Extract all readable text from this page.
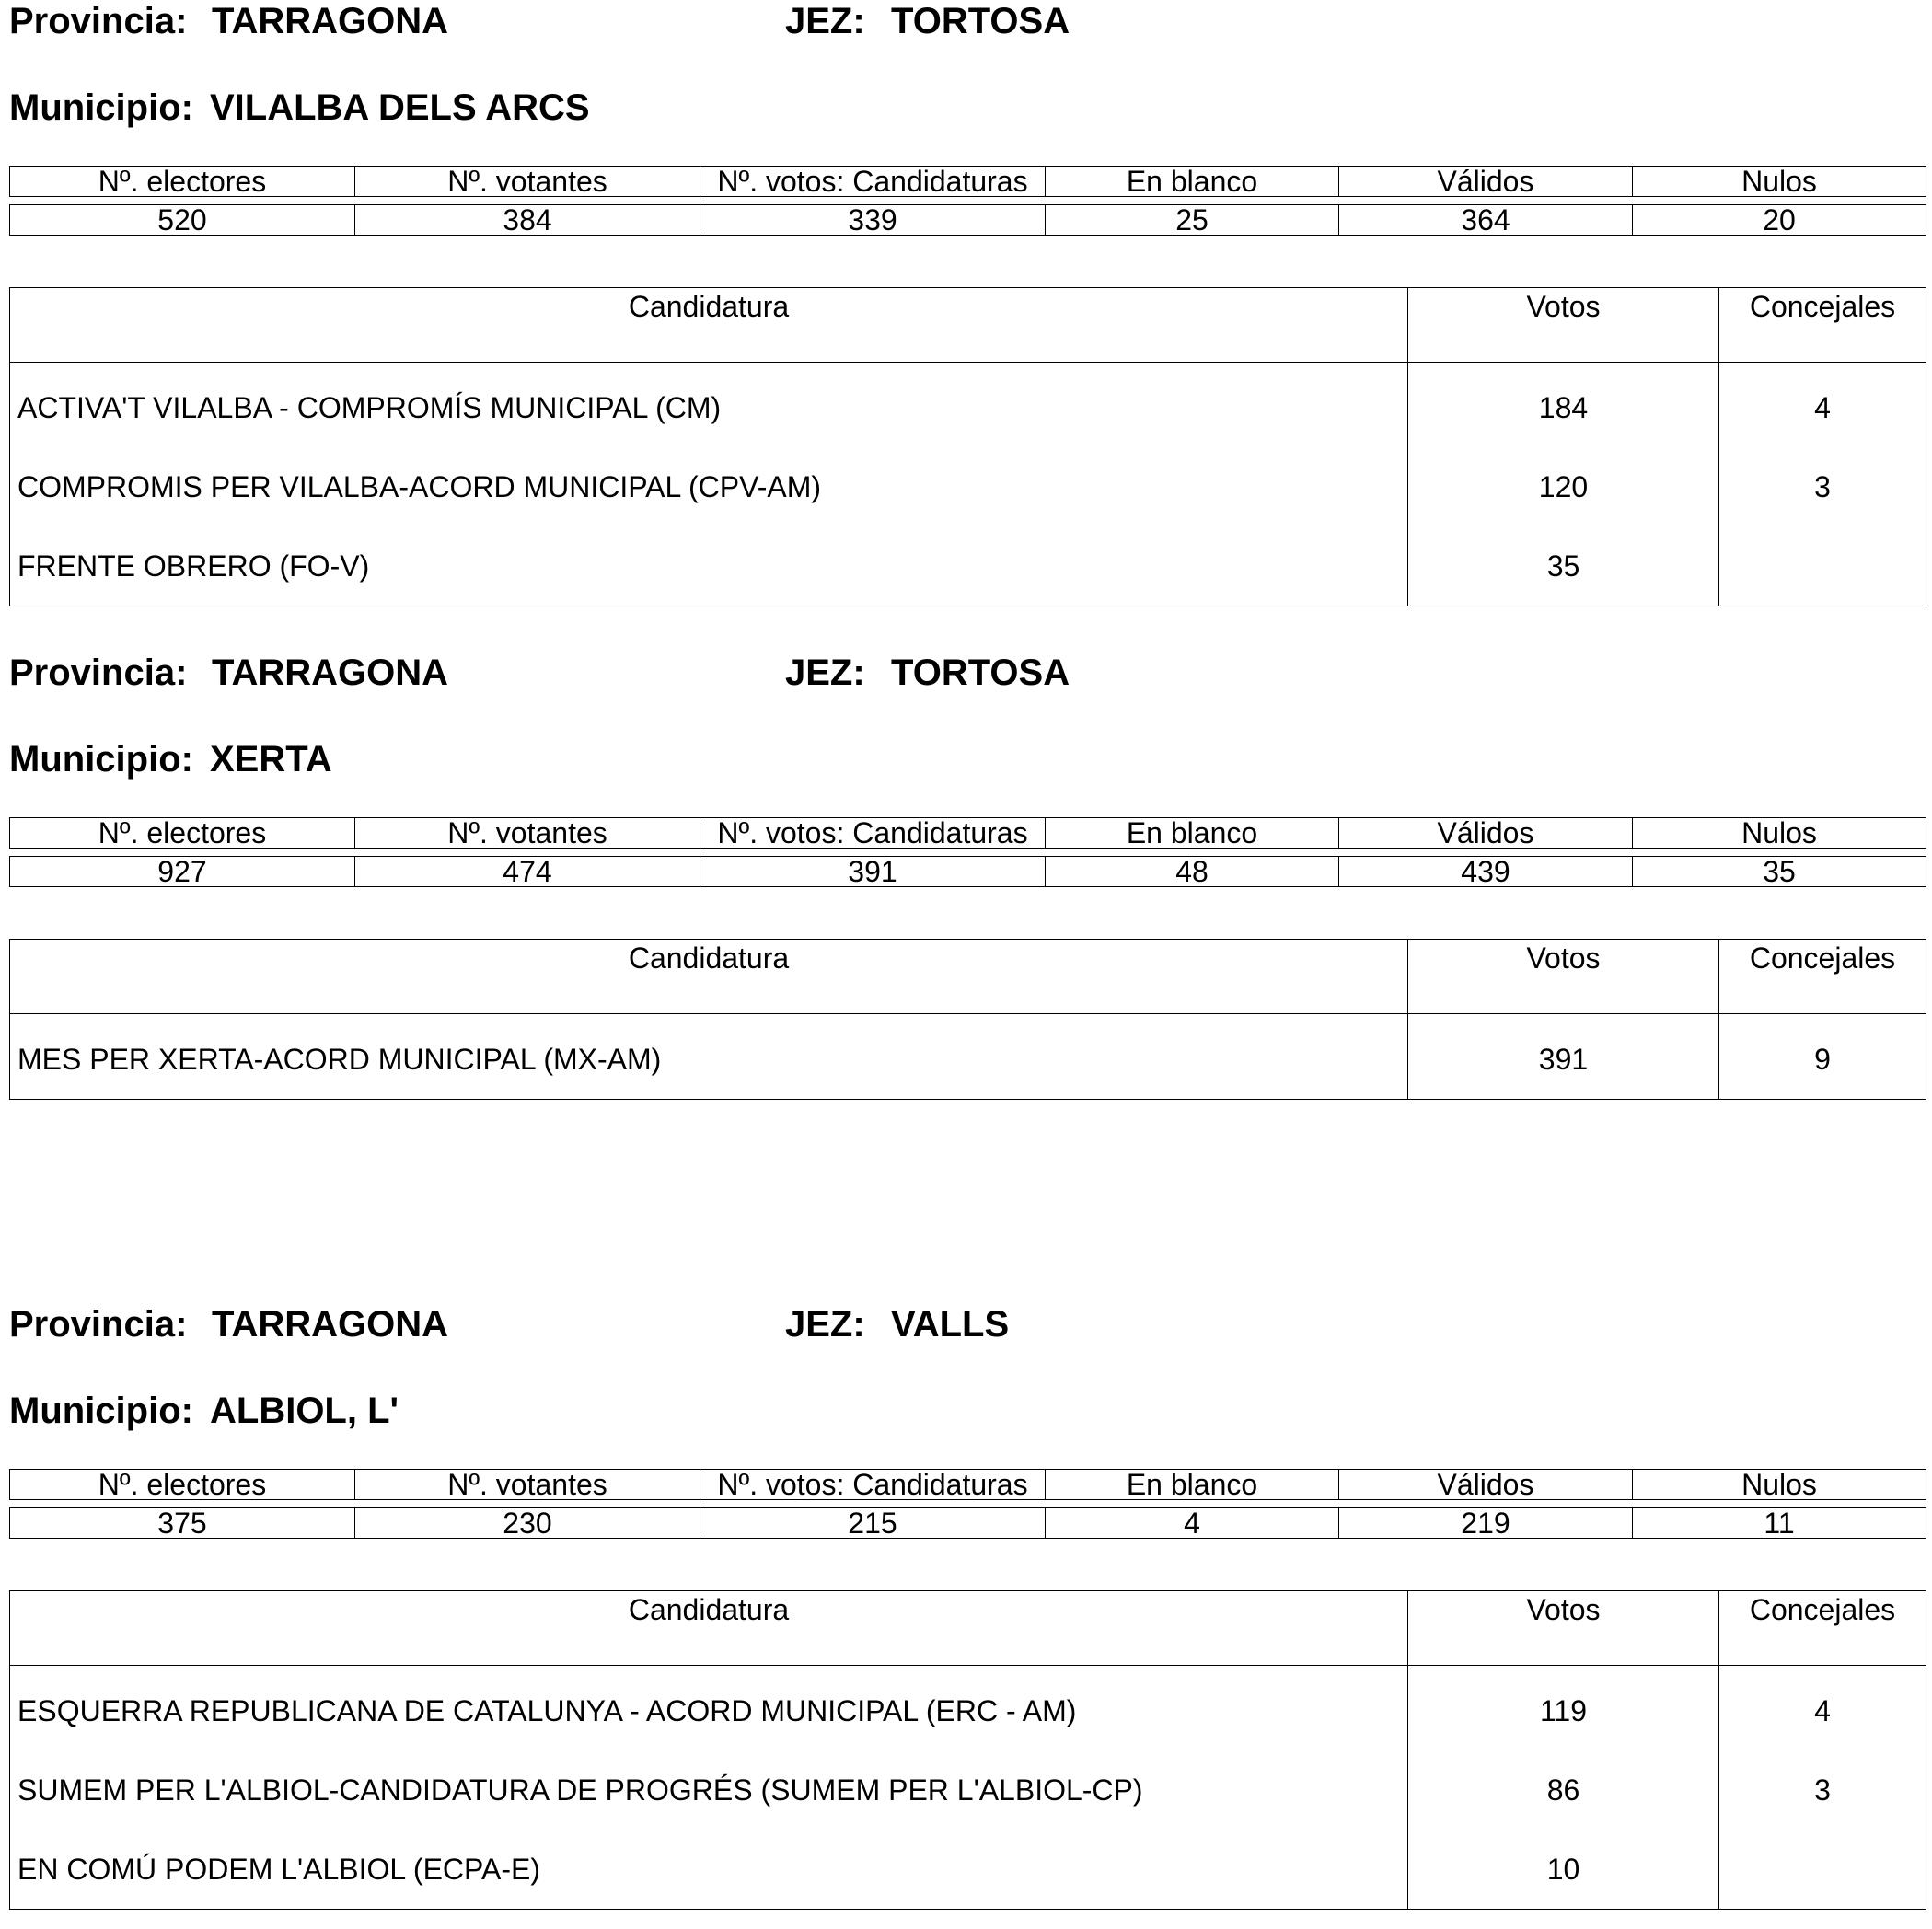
Provincia: TARRAGONA	JEZ: TORTOSA
Municipio: VILALBA DELS ARCS
Nº. electores	Nº. votantes	Nº. votos: Candidaturas	En blanco	Válidos	Nulos

520	384	339	25	364	20
Candidatura	Votos	Concejales
ACTIVA'T VILALBA - COMPROMÍS MUNICIPAL (CM)	184	4
COMPROMIS PER VILALBA-ACORD MUNICIPAL (CPV-AM)	120	3
FRENTE OBRERO (FO-V)	35	
Provincia: TARRAGONA	JEZ: TORTOSA
Municipio: XERTA
Nº. electores	Nº. votantes	Nº. votos: Candidaturas	En blanco	Válidos	Nulos

927	474	391	48	439	35
Candidatura	Votos	Concejales
MES PER XERTA-ACORD MUNICIPAL (MX-AM)	391	9
Provincia: TARRAGONA	JEZ: VALLS
Municipio: ALBIOL, L'
Nº. electores	Nº. votantes	Nº. votos: Candidaturas	En blanco	Válidos	Nulos

375	230	215	4	219	11
Candidatura	Votos	Concejales
ESQUERRA REPUBLICANA DE CATALUNYA - ACORD MUNICIPAL (ERC - AM)	119	4
SUMEM PER L'ALBIOL-CANDIDATURA DE PROGRÉS (SUMEM PER L'ALBIOL-CP)	86	3
EN COMÚ PODEM L'ALBIOL (ECPA-E)	10	
